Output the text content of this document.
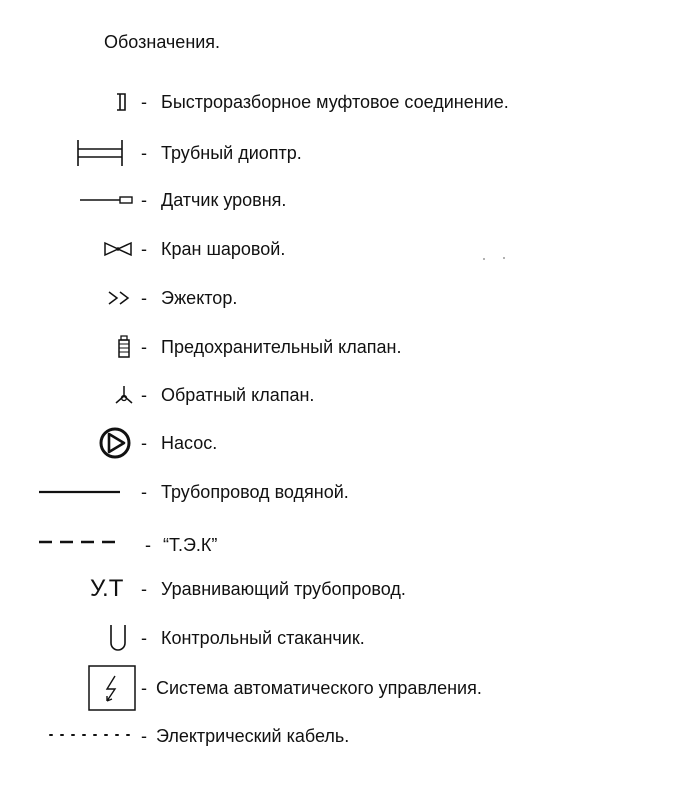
Обозначения.
- Быстроразборное муфтовое соединение.
- Трубный диоптр.
- Датчик уровня.
- Кран шаровой.
- Эжектор.
- Предохранительный клапан.
- Обратный клапан.
- Насос.
- Трубопровод водяной.
- “Т.Э.К”
У.Т - Уравнивающий трубопровод.
- Контрольный стаканчик.
- Система автоматического управления.
- Электрический кабель.
